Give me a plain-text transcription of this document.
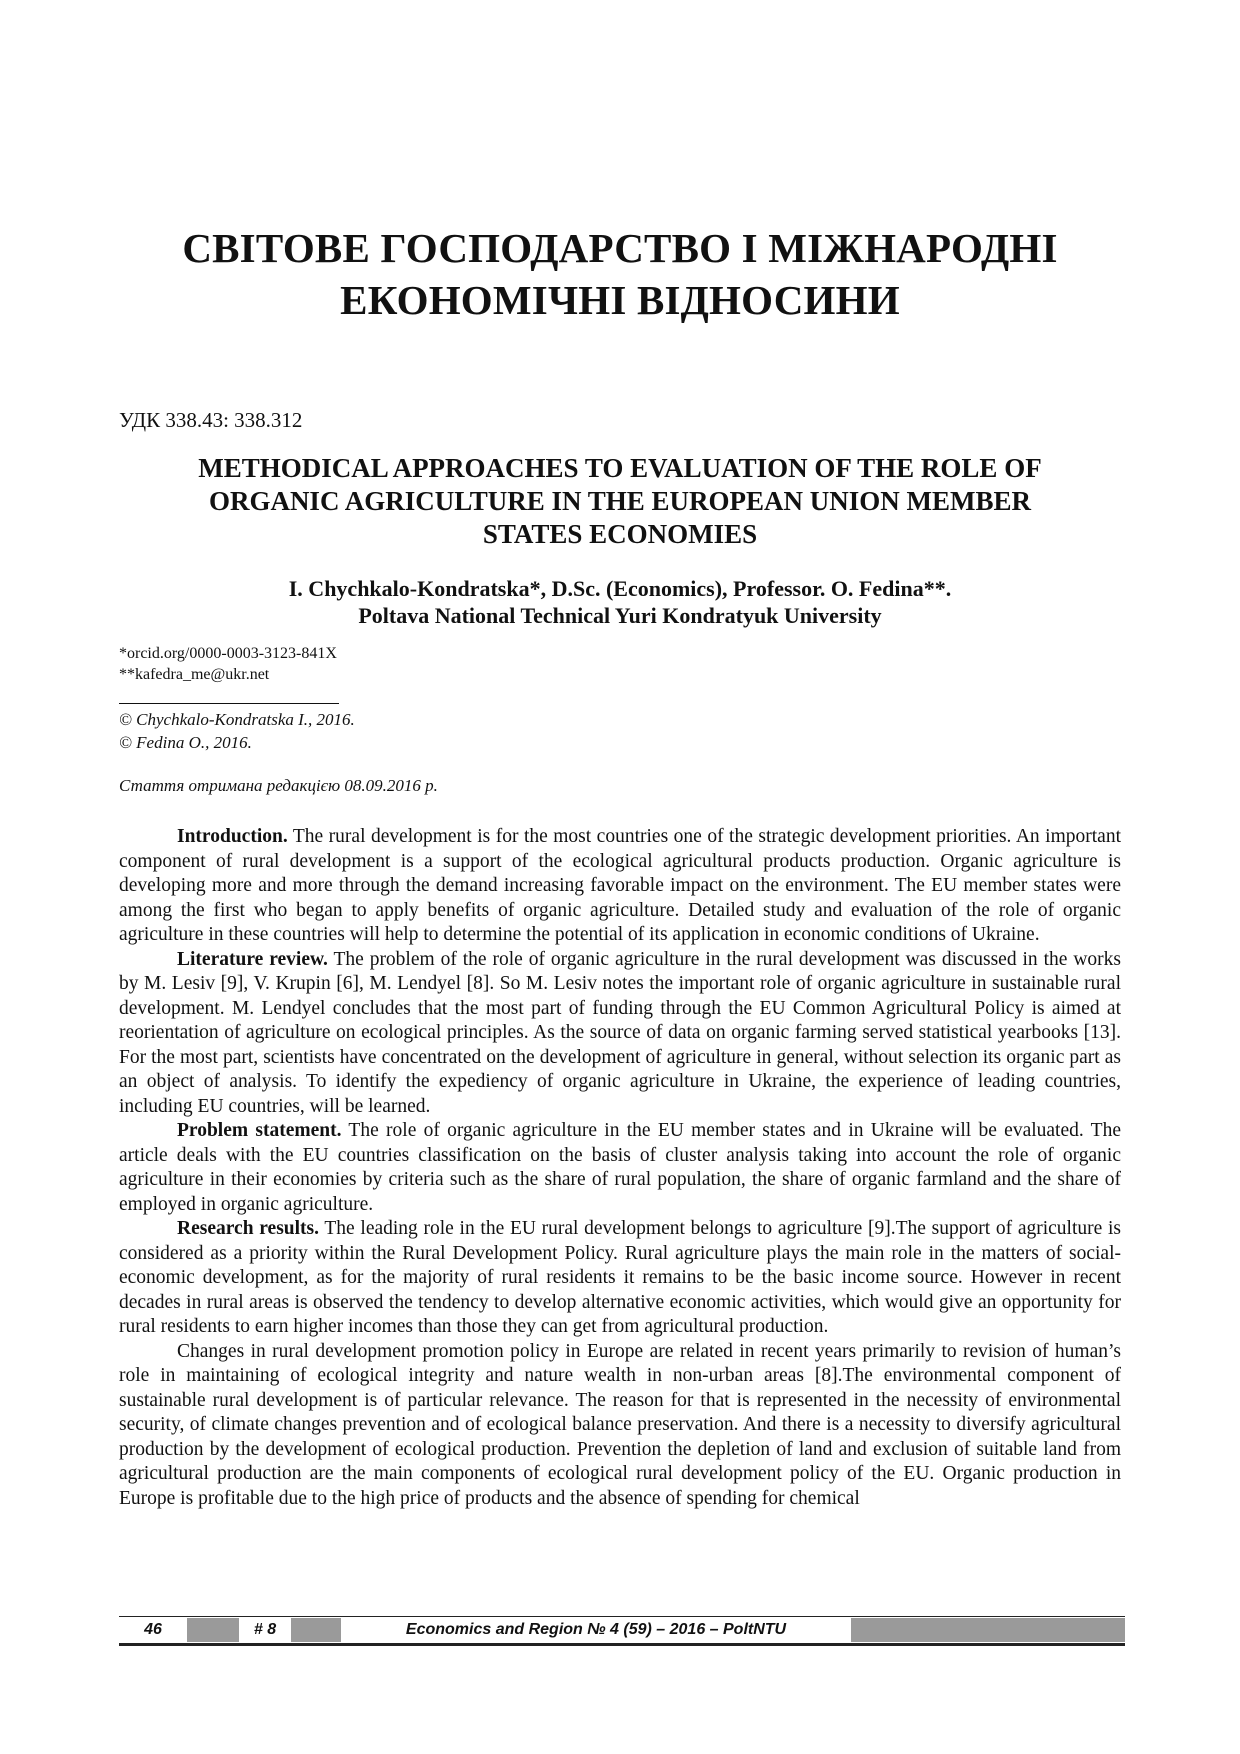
СВІТОВЕ ГОСПОДАРСТВО І МІЖНАРОДНІ
ЕКОНОМІЧНІ ВІДНОСИНИ
УДК 338.43: 338.312
METHODICAL APPROACHES TO EVALUATION OF THE ROLE OF
ORGANIC AGRICULTURE IN THE EUROPEAN UNION MEMBER
STATES ECONOMIES
I. Chychkalo-Kondratska*, D.Sc. (Economics), Professor. O. Fedina**.
Poltava National Technical Yuri Kondratyuk University
*orcid.org/0000-0003-3123-841X
**kafedra_me@ukr.net
© Chychkalo-Kondratska I., 2016.
© Fedina O., 2016.
Стаття отримана редакцією 08.09.2016 р.

Introduction. The rural development is for the most countries one of the strategic development priorities. An important component of rural development is a support of the ecological agricultural products production. Organic agriculture is developing more and more through the demand increasing favorable impact on the environment. The EU member states were among the first who began to apply benefits of organic agriculture. Detailed study and evaluation of the role of organic agriculture in these countries will help to determine the potential of its application in economic conditions of Ukraine.

Literature review. The problem of the role of organic agriculture in the rural development was discussed in the works by M. Lesiv [9], V. Krupin [6], M. Lendyel [8]. So M. Lesiv notes the important role of organic agriculture in sustainable rural development. M. Lendyel concludes that the most part of funding through the EU Common Agricultural Policy is aimed at reorientation of agriculture on ecological principles. As the source of data on organic farming served statistical yearbooks [13]. For the most part, scientists have concentrated on the development of agriculture in general, without selection its organic part as an object of analysis. To identify the expediency of organic agriculture in Ukraine, the experience of leading countries, including EU countries, will be learned.

Problem statement. The role of organic agriculture in the EU member states and in Ukraine will be evaluated. The article deals with the EU countries classification on the basis of cluster analysis taking into account the role of organic agriculture in their economies by criteria such as the share of rural population, the share of organic farmland and the share of employed in organic agriculture.

Research results. The leading role in the EU rural development belongs to agriculture [9].The support of agriculture is considered as a priority within the Rural Development Policy. Rural agriculture plays the main role in the matters of social-economic development, as for the majority of rural residents it remains to be the basic income source. However in recent decades in rural areas is observed the tendency to develop alternative economic activities, which would give an opportunity for rural residents to earn higher incomes than those they can get from agricultural production.

Changes in rural development promotion policy in Europe are related in recent years primarily to revision of human’s role in maintaining of ecological integrity and nature wealth in non-urban areas [8].The environmental component of sustainable rural development is of particular relevance. The reason for that is represented in the necessity of environmental security, of climate changes prevention and of ecological balance preservation. And there is a necessity to diversify agricultural production by the development of ecological production. Prevention the depletion of land and exclusion of suitable land from agricultural production are the main components of ecological rural development policy of the EU. Organic production in Europe is profitable due to the high price of products and the absence of spending for chemical

46	# 8	Economics and Region № 4 (59) – 2016 – PoltNTU
